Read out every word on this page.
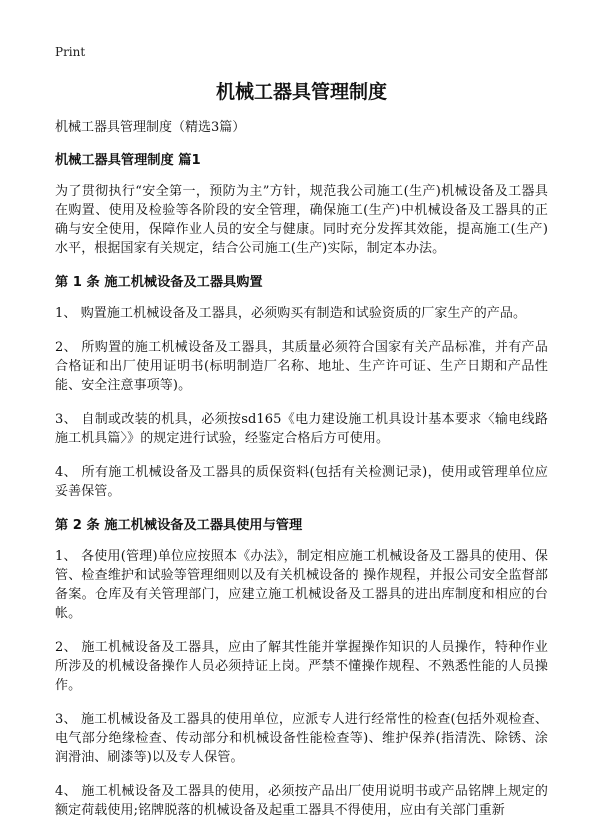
Print
机械工器具管理制度
机械工器具管理制度（精选3篇）
机械工器具管理制度 篇1
为了贯彻执行“安全第一，预防为主”方针，规范我公司施工(生产)机械设备及工器具在购置、使用及检验等各阶段的安全管理，确保施工(生产)中机械设备及工器具的正确与安全使用，保障作业人员的安全与健康。同时充分发挥其效能，提高施工(生产)水平，根据国家有关规定，结合公司施工(生产)实际，制定本办法。
第 1 条 施工机械设备及工器具购置
1、 购置施工机械设备及工器具，必须购买有制造和试验资质的厂家生产的产品。
2、 所购置的施工机械设备及工器具，其质量必须符合国家有关产品标准，并有产品合格证和出厂使用证明书(标明制造厂名称、地址、生产许可证、生产日期和产品性能、安全注意事项等)。
3、 自制或改装的机具，必须按sd165《电力建设施工机具设计基本要求〈输电线路施工机具篇〉》的规定进行试验，经鉴定合格后方可使用。
4、 所有施工机械设备及工器具的质保资料(包括有关检测记录)，使用或管理单位应妥善保管。
第 2 条 施工机械设备及工器具使用与管理
1、 各使用(管理)单位应按照本《办法》，制定相应施工机械设备及工器具的使用、保管、检查维护和试验等管理细则以及有关机械设备的 操作规程，并报公司安全监督部备案。仓库及有关管理部门，应建立施工机械设备及工器具的进出库制度和相应的台帐。
2、 施工机械设备及工器具，应由了解其性能并掌握操作知识的人员操作，特种作业所涉及的机械设备操作人员必须持证上岗。严禁不懂操作规程、不熟悉性能的人员操作。
3、 施工机械设备及工器具的使用单位，应派专人进行经常性的检查(包括外观检查、电气部分绝缘检查、传动部分和机械设备性能检查等)、维护保养(指清洗、除锈、涂润滑油、刷漆等)以及专人保管。
4、 施工机械设备及工器具的使用，必须按产品出厂使用说明书或产品铭牌上规定的额定荷载使用;铭牌脱落的机械设备及起重工器具不得使用，应由有关部门重新
